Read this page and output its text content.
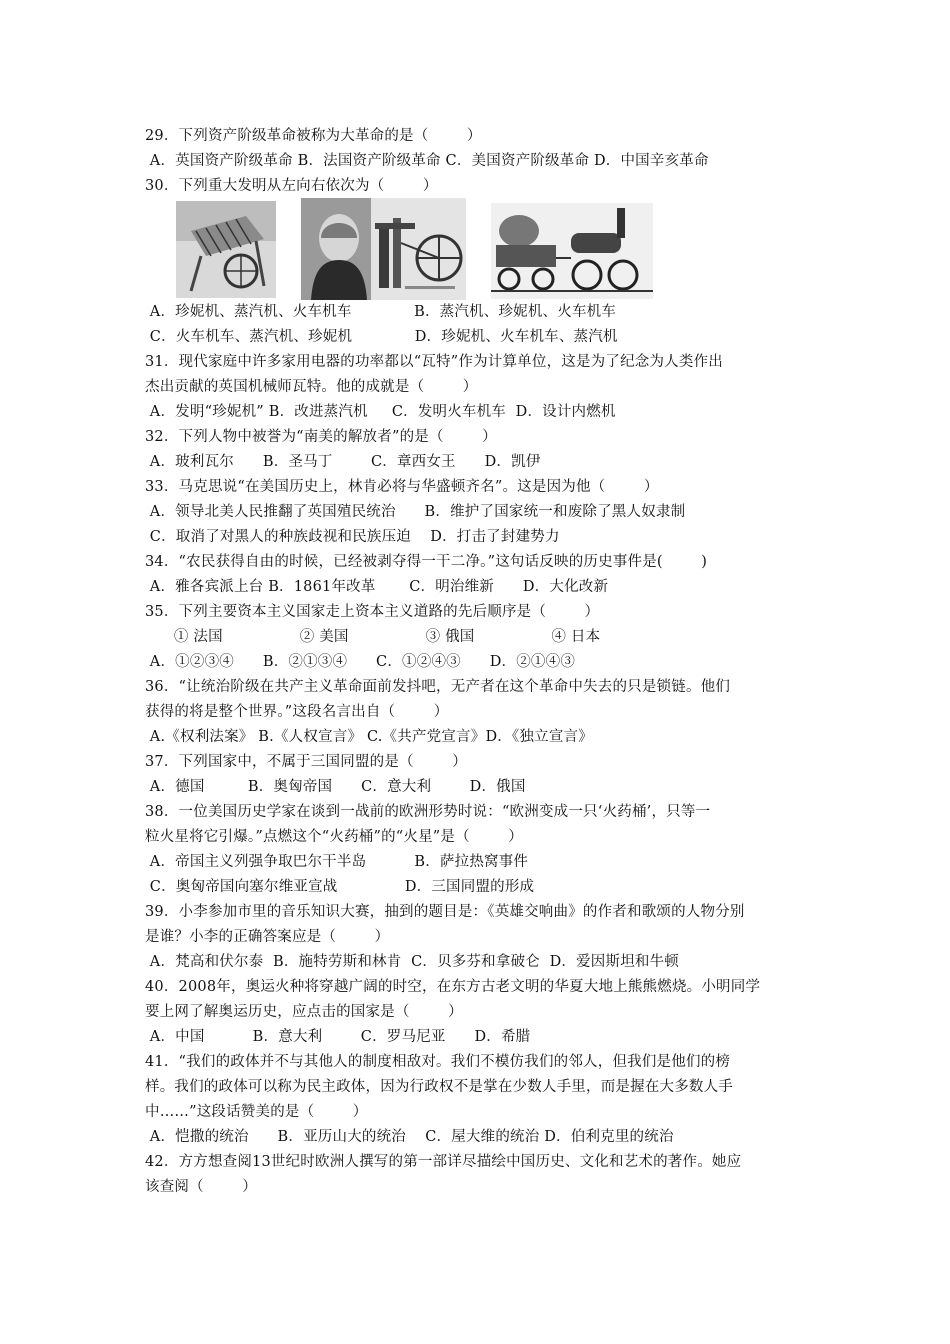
29．下列资产阶级革命被称为大革命的是（        ）
A．英国资产阶级革命 B．法国资产阶级革命 C．美国资产阶级革命 D．中国辛亥革命
30．下列重大发明从左向右依次为（        ）
A．珍妮机、蒸汽机、火车机车             B．蒸汽机、珍妮机、火车机车
C．火车机车、蒸汽机、珍妮机             D．珍妮机、火车机车、蒸汽机
31．现代家庭中许多家用电器的功率都以“瓦特”作为计算单位，这是为了纪念为人类作出
杰出贡献的英国机械师瓦特。他的成就是（        ）
A．发明“珍妮机” B．改进蒸汽机     C．发明火车机车  D．设计内燃机
32．下列人物中被誉为“南美的解放者”的是（        ）
A．玻利瓦尔      B．圣马丁        C．章西女王      D．凯伊
33．马克思说“在美国历史上，林肯必将与华盛顿齐名”。这是因为他（        ）
A．领导北美人民推翻了英国殖民统治      B．维护了国家统一和废除了黑人奴隶制
C．取消了对黑人的种族歧视和民族压迫    D．打击了封建势力
34．“农民获得自由的时候，已经被剥夺得一干二净。”这句话反映的历史事件是(        )
A．雅各宾派上台 B．1861年改革       C．明治维新      D．大化改新
35．下列主要资本主义国家走上资本主义道路的先后顺序是（        ）
① 法国                ② 美国                ③ 俄国                ④ 日本
A．①②③④      B．②①③④      C．①②④③      D．②①④③
36．“让统治阶级在共产主义革命面前发抖吧，无产者在这个革命中失去的只是锁链。他们
获得的将是整个世界。”这段名言出自（        ）
A.《权利法案》 B.《人权宣言》 C.《共产党宣言》D．《独立宣言》
37．下列国家中，不属于三国同盟的是（        ）
A．德国         B．奥匈帝国      C．意大利        D．俄国
38．一位美国历史学家在谈到一战前的欧洲形势时说：“欧洲变成一只‘火药桶’，只等一
粒火星将它引爆。”点燃这个“火药桶”的“火星”是（        ）
A．帝国主义列强争取巴尔干半岛          B．萨拉热窝事件
C．奥匈帝国向塞尔维亚宣战              D．三国同盟的形成
39．小李参加市里的音乐知识大赛，抽到的题目是：《英雄交响曲》的作者和歌颂的人物分别
是谁？小李的正确答案应是（        ）
A．梵高和伏尔泰  B．施特劳斯和林肯  C．贝多芬和拿破仑  D．爱因斯坦和牛顿
40．2008年，奥运火种将穿越广阔的时空，在东方古老文明的华夏大地上熊熊燃烧。小明同学
要上网了解奥运历史，应点击的国家是（        ）
A．中国          B．意大利        C．罗马尼亚      D．希腊
41．“我们的政体并不与其他人的制度相敌对。我们不模仿我们的邻人，但我们是他们的榜
样。我们的政体可以称为民主政体，因为行政权不是掌在少数人手里，而是握在大多数人手
中……”这段话赞美的是（        ）
A．恺撒的统治      B．亚历山大的统治    C．屋大维的统治 D．伯利克里的统治
42．方方想查阅13世纪时欧洲人撰写的第一部详尽描绘中国历史、文化和艺术的著作。她应
该查阅（        ）
